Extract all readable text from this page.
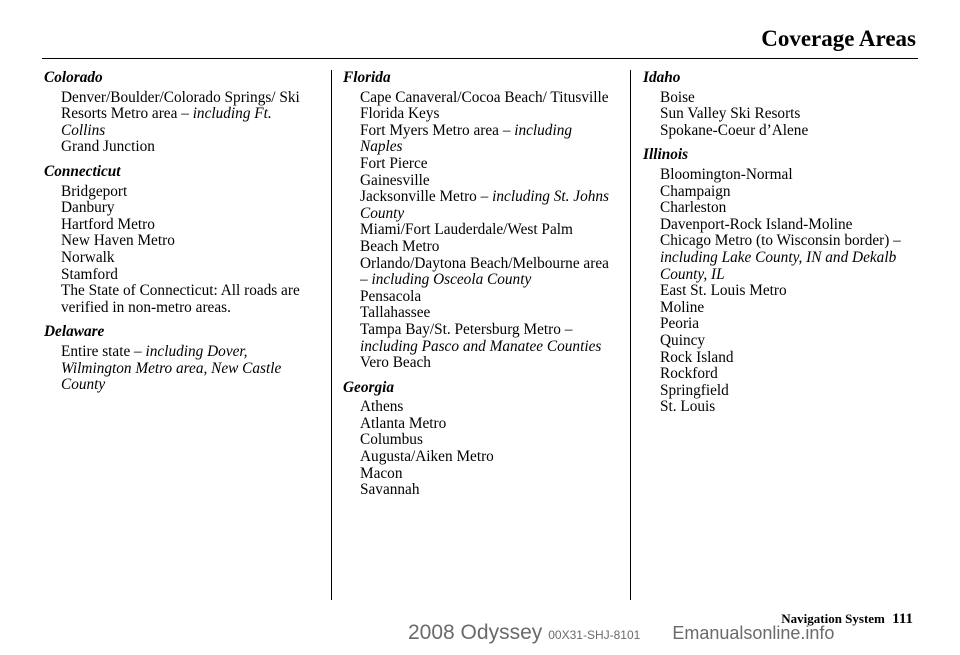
Coverage Areas
Colorado
Denver/Boulder/Colorado Springs/ Ski Resorts Metro area – including Ft. Collins
Grand Junction
Connecticut
Bridgeport
Danbury
Hartford Metro
New Haven Metro
Norwalk
Stamford
The State of Connecticut: All roads are verified in non-metro areas.
Delaware
Entire state – including Dover, Wilmington Metro area, New Castle County
Florida
Cape Canaveral/Cocoa Beach/ Titusville
Florida Keys
Fort Myers Metro area – including Naples
Fort Pierce
Gainesville
Jacksonville Metro – including St. Johns County
Miami/Fort Lauderdale/West Palm Beach Metro
Orlando/Daytona Beach/Melbourne area – including Osceola County
Pensacola
Tallahassee
Tampa Bay/St. Petersburg Metro – including Pasco and Manatee Counties
Vero Beach
Georgia
Athens
Atlanta Metro
Columbus
Augusta/Aiken Metro
Macon
Savannah
Idaho
Boise
Sun Valley Ski Resorts
Spokane-Coeur d’Alene
Illinois
Bloomington-Normal
Champaign
Charleston
Davenport-Rock Island-Moline
Chicago Metro (to Wisconsin border) – including Lake County, IN and Dekalb County, IL
East St. Louis Metro
Moline
Peoria
Quincy
Rock Island
Rockford
Springfield
St. Louis
Navigation System 111
2008 Odyssey 00X31-SHJ-8101 Emanualsonline.info
